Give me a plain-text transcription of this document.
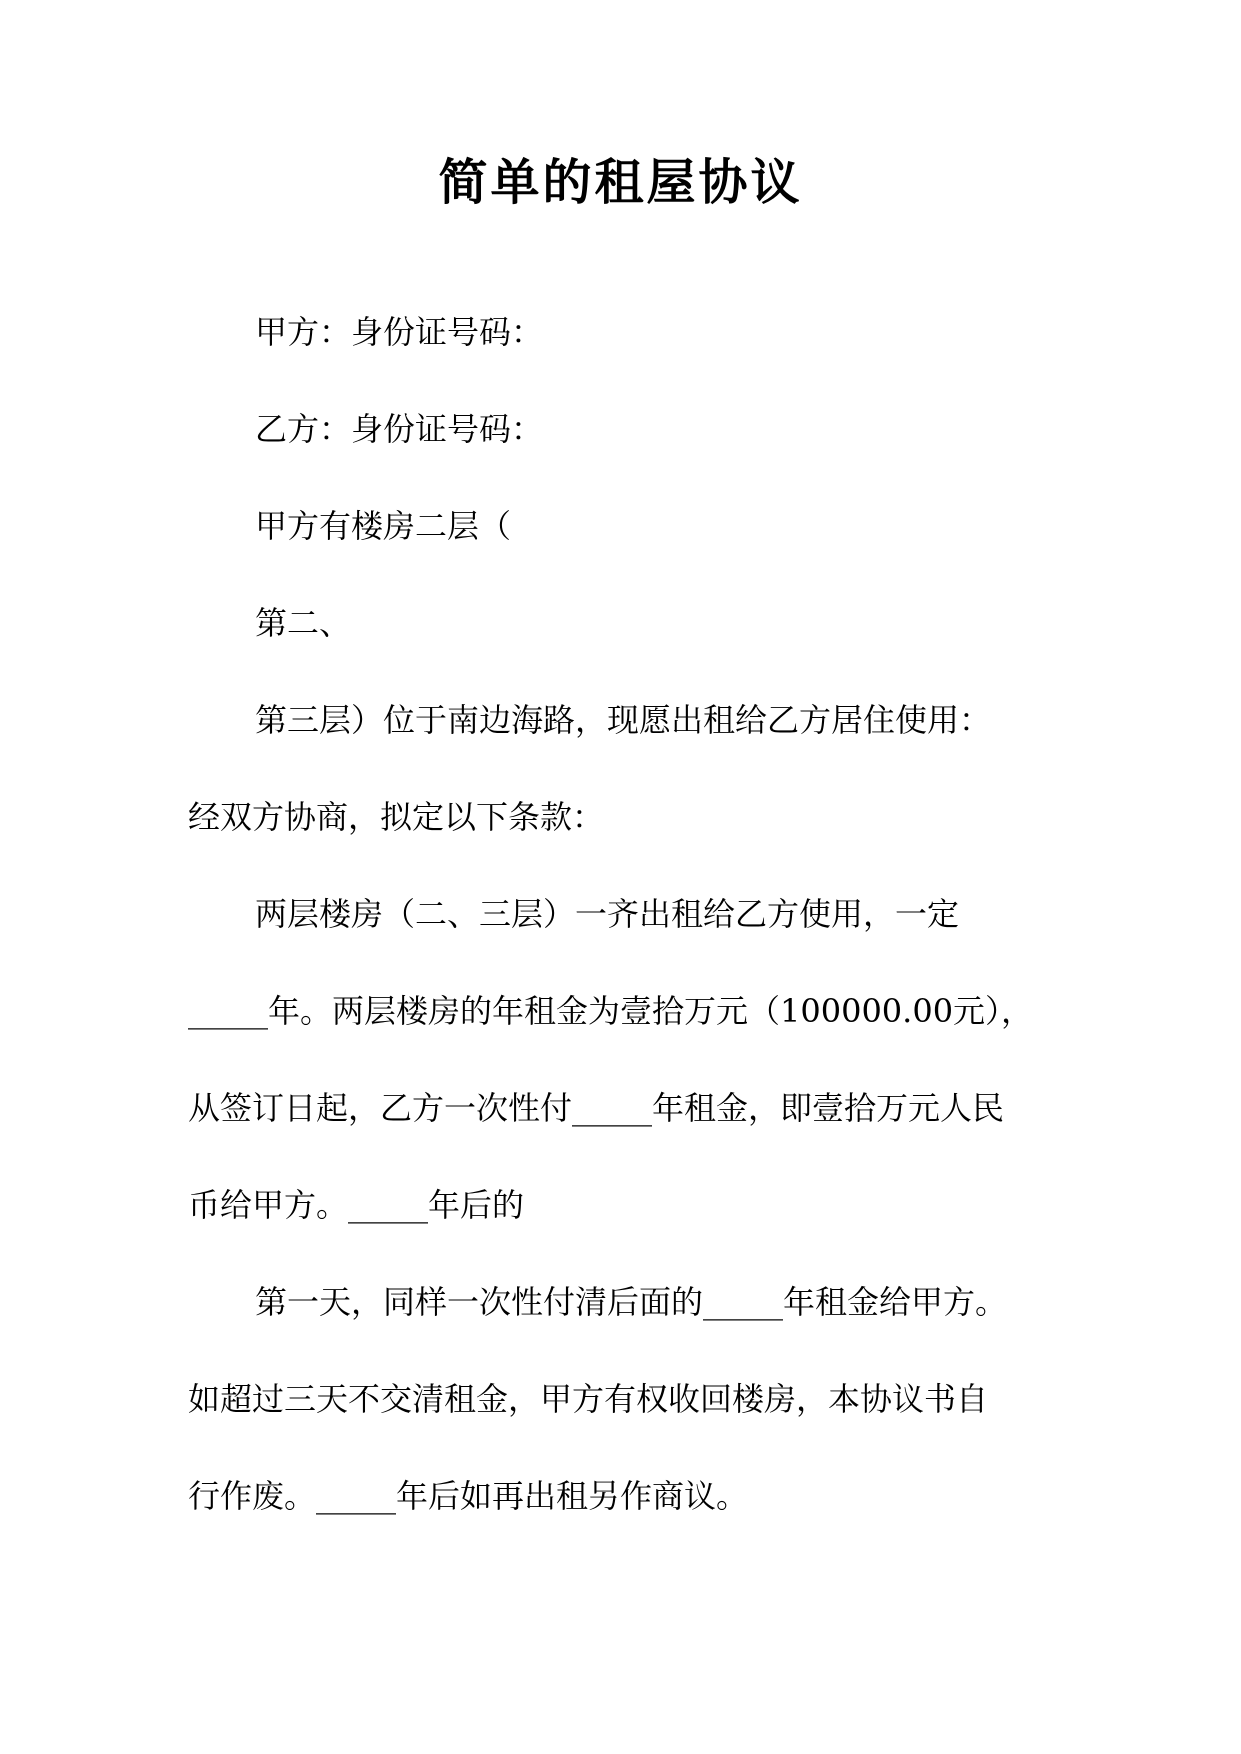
简单的租屋协议

甲方：身份证号码：

乙方：身份证号码：

甲方有楼房二层（

第二、

第三层）位于南边海路，现愿出租给乙方居住使用：

经双方协商，拟定以下条款：

两层楼房（二、三层）一齐出租给乙方使用，一定

_____年。两层楼房的年租金为壹拾万元（100000.00元），

从签订日起，乙方一次性付_____年租金，即壹拾万元人民

币给甲方。_____年后的

第一天，同样一次性付清后面的_____年租金给甲方。

如超过三天不交清租金，甲方有权收回楼房，本协议书自

行作废。_____年后如再出租另作商议。
